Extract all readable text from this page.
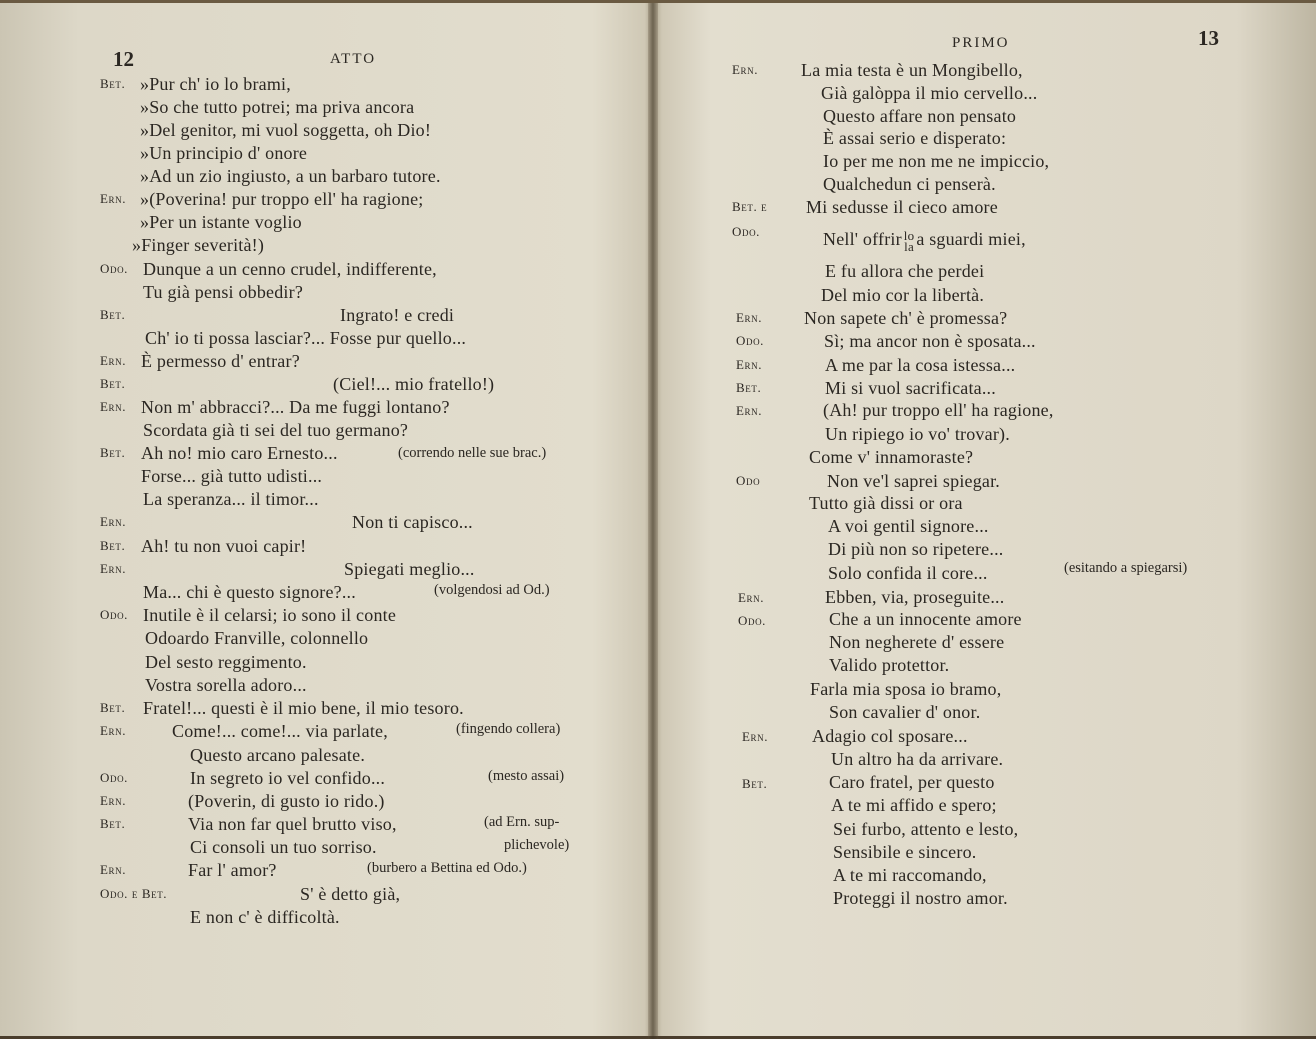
12	ATTO
Bet. »Pur ch' io lo brami,
»So che tutto potrei; ma priva ancora
»Del genitor, mi vuol soggetta, oh Dio!
»Un principio d' onore
»Ad un zio ingiusto, a un barbaro tutore.
Ern. »(Poverina! pur troppo ell' ha ragione;
»Per un istante voglio
»Finger severità!)
Odo. Dunque a un cenno crudel, indifferente,
Tu già pensi obbedir?
Bet.	Ingrato! e credi
Ch' io ti possa lasciar?... Fosse pur quello...
Ern. È permesso d' entrar?
Bet.	(Ciel!... mio fratello!)
Ern. Non m' abbracci?... Da me fuggi lontano?
Scordata già ti sei del tuo germano?
Bet. Ah no! mio caro Ernesto...	(correndo nelle sue brac.)
Forse... già tutto udisti...
La speranza... il timor...
Ern.	Non ti capisco...
Bet. Ah! tu non vuoi capir!
Ern.	Spiegati meglio...
Ma... chi è questo signore?...	(volgendosi ad Od.)
Odo. Inutile è il celarsi; io sono il conte
Odoardo Franville, colonnello
Del sesto reggimento.
Vostra sorella adoro...
Bet. Fratel!... questi è il mio bene, il mio tesoro.
Ern.	Come!... come!... via parlate,	(fingendo collera)
Questo arcano palesate.
Odo.	In segreto io vel confido...	(mesto assai)
Ern.	(Poverin, di gusto io rido.)
Bet.	Via non far quel brutto viso,	(ad Ern. sup-
Ci consoli un tuo sorriso.	plichevole)
Ern.	Far l' amor?	(burbero a Bettina ed Odo.)
Odo. e Bet.	S' è detto già,
E non c' è difficoltà.
PRIMO	13
Ern. La mia testa è un Mongibello,
Già galòppa il mio cervello...
Questo affare non pensato
È assai serio e disperato:
Io per me non me ne impiccio,
Qualchedun ci penserà.
Bet. e Mi sedusse il cieco amore
Odo.	Nell' offrir lo
la a sguardi miei,
E fu allora che perdei
Del mio cor la libertà.
Ern. Non sapete ch' è promessa?
Odo.	Sì; ma ancor non è sposata...
Ern.	A me par la cosa istessa...
Bet.	Mi si vuol sacrificata...
Ern.	(Ah! pur troppo ell' ha ragione,
Un ripiego io vo' trovar).
Come v' innamoraste?
Odo	Non ve'l saprei spiegar.
Tutto già dissi or ora
A voi gentil signore...
Di più non so ripetere...
Solo confida il core...	(esitando a spiegarsi)
Ern.	Ebben, via, proseguite...
Odo.	Che a un innocente amore
Non negherete d' essere
Valido protettor.
Farla mia sposa io bramo,
Son cavalier d' onor.
Ern. Adagio col sposare...
Un altro ha da arrivare.
Bet.	Caro fratel, per questo
A te mi affido e spero;
Sei furbo, attento e lesto,
Sensibile e sincero.
A te mi raccomando,
Proteggi il nostro amor.
